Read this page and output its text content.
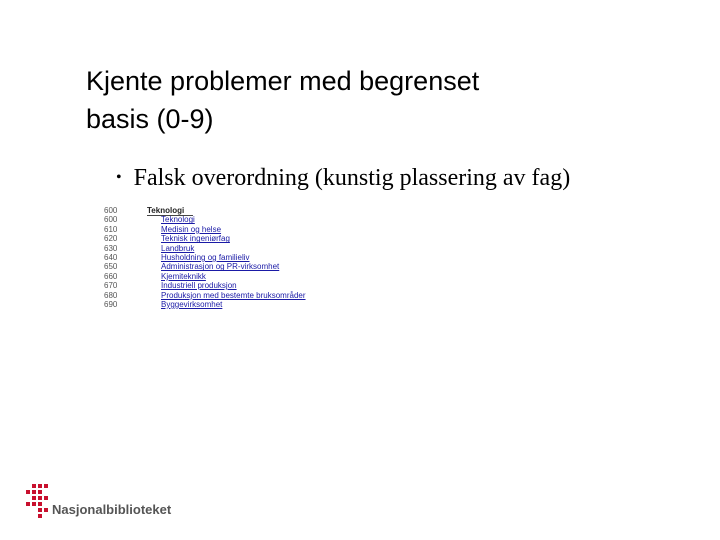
Kjente problemer med begrenset
basis (0-9)
• Falsk overordning (kunstig plassering av fag)
600	Teknologi
600	Teknologi
610	Medisin og helse
620	Teknisk ingeniørfag
630	Landbruk
640	Husholdning og familieliv
650	Administrasjon og PR-virksomhet
660	Kjemiteknikk
670	Industriell produksjon
680	Produksjon med bestemte bruksområder
690	Byggevirksomhet
Nasjonalbiblioteket
